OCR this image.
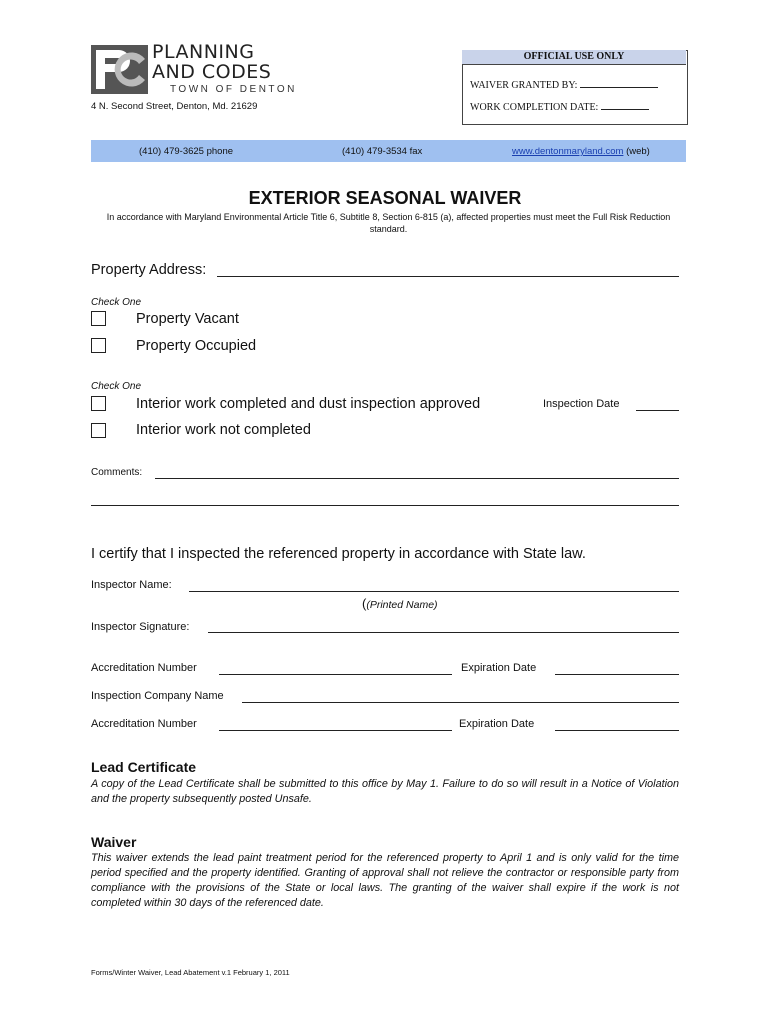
PLANNING
AND CODES
TOWN OF DENTON
4 N. Second Street, Denton, Md. 21629
OFFICIAL USE ONLY
WAIVER GRANTED BY:
WORK COMPLETION DATE:
(410) 479-3625 phone	(410) 479-3534 fax	www.dentonmaryland.com (web)
EXTERIOR SEASONAL WAIVER
In accordance with Maryland Environmental Article Title 6, Subtitle 8, Section 6-815 (a), affected properties must meet the Full Risk Reduction standard.
Property Address:
Check One
Property Vacant
Property Occupied
Check One
Interior work completed and dust inspection approved	Inspection Date
Interior work not completed
Comments:
I certify that I inspected the referenced property in accordance with State law.
Inspector Name:
((Printed Name)
Inspector Signature:
Accreditation Number	Expiration Date
Inspection Company Name
Accreditation Number	Expiration Date
Lead Certificate
A copy of the Lead Certificate shall be submitted to this office by May 1. Failure to do so will result in a Notice of Violation and the property subsequently posted Unsafe.
Waiver
This waiver extends the lead paint treatment period for the referenced property to April 1 and is only valid for the time period specified and the property identified. Granting of approval shall not relieve the contractor or responsible party from compliance with the provisions of the State or local laws. The granting of the waiver shall expire if the work is not completed within 30 days of the referenced date.
Forms/Winter Waiver, Lead Abatement v.1 February 1, 2011
